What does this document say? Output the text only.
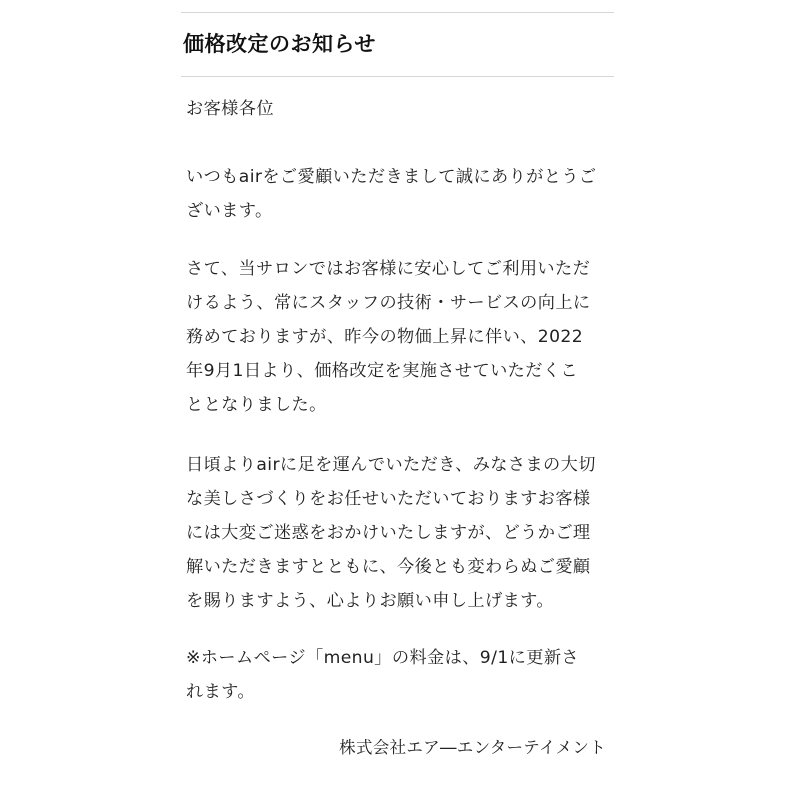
価格改定のお知らせ

お客様各位

いつもairをご愛顧いただきまして誠にありがとうご
ざいます。

さて、当サロンではお客様に安心してご利用いただ
けるよう、常にスタッフの技術・サービスの向上に
務めておりますが、昨今の物価上昇に伴い、2022
年9月1日より、価格改定を実施させていただくこ
ととなりました。

日頃よりairに足を運んでいただき、みなさまの大切
な美しさづくりをお任せいただいておりますお客様
には大変ご迷惑をおかけいたしますが、どうかご理
解いただきますとともに、今後とも変わらぬご愛顧
を賜りますよう、心よりお願い申し上げます。

※ホームページ「menu」の料金は、9/1に更新さ
れます。

株式会社エア―エンターテイメント
